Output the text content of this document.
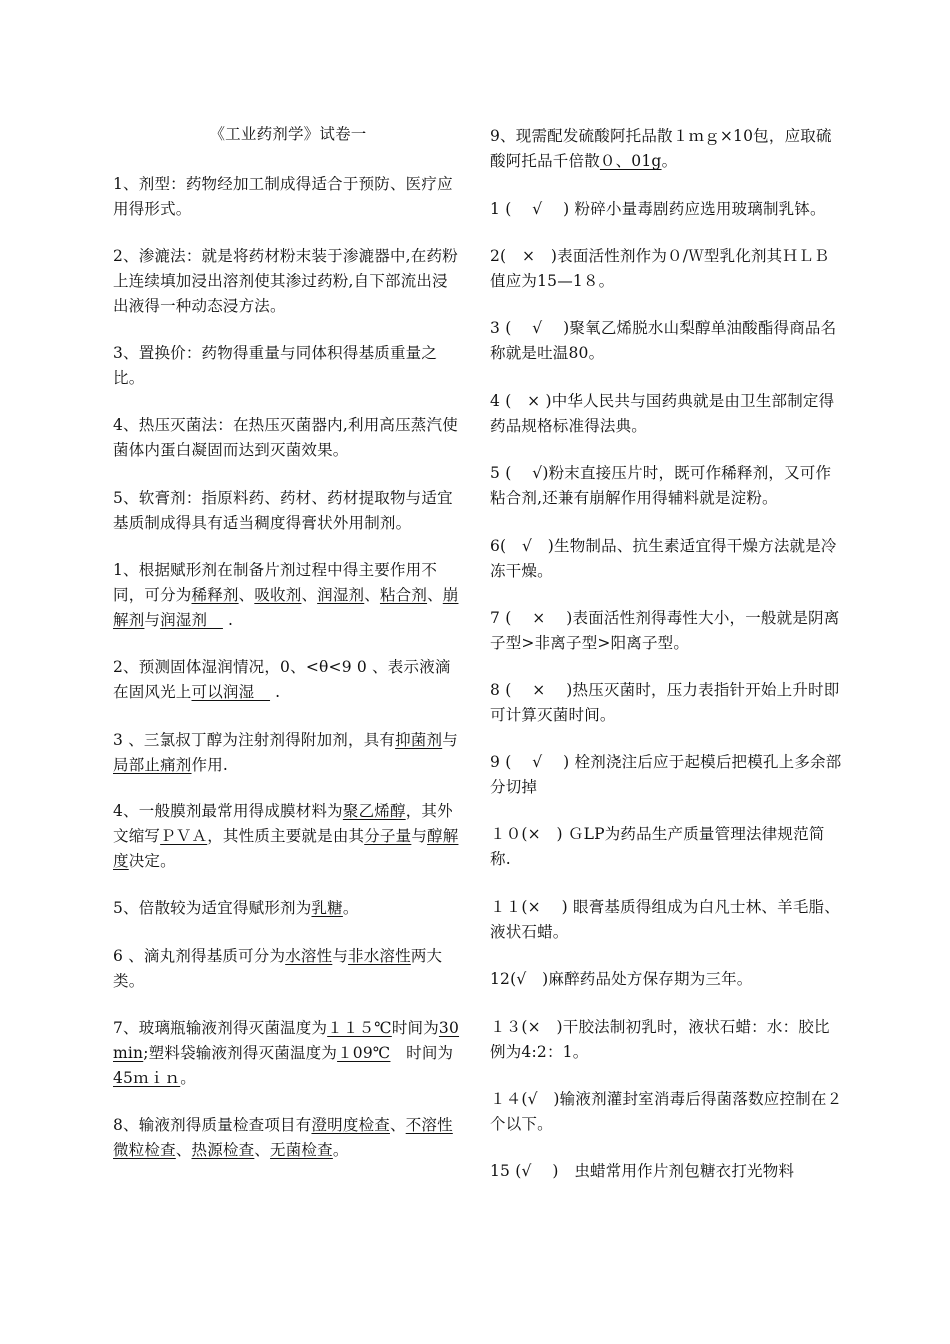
《工业药剂学》试卷一
1、剂型：药物经加工制成得适合于预防、医疗应用得形式。
2、渗漉法：就是将药材粉末装于渗漉器中,在药粉上连续填加浸出溶剂使其渗过药粉,自下部流出浸出液得一种动态浸方法。
3、置换价：药物得重量与同体积得基质重量之比。
4、热压灭菌法：在热压灭菌器内,利用高压蒸汽使菌体内蛋白凝固而达到灭菌效果。
5、软膏剂：指原料药、药材、药材提取物与适宜基质制成得具有适当稠度得膏状外用制剂。
1、根据赋形剂在制备片剂过程中得主要作用不同，可分为稀释剂、吸收剂、润湿剂、粘合剂、崩解剂与润湿剂　 .
2、预测固体湿润情况，0、<θ<9 0 、表示液滴在固风光上可以润湿　 .
3 、三氯叔丁醇为注射剂得附加剂，具有抑菌剂与局部止痛剂作用.
4、一般膜剂最常用得成膜材料为聚乙烯醇，其外文缩写ＰＶＡ，其性质主要就是由其分子量与醇解度决定。
5、倍散较为适宜得赋形剂为乳糖。
6 、滴丸剂得基质可分为水溶性与非水溶性两大类。
7、玻璃瓶输液剂得灭菌温度为１１５℃时间为30min;塑料袋输液剂得灭菌温度为１09℃　时间为45ｍｉｎ。
8、输液剂得质量检查项目有澄明度检查、不溶性微粒检查、热源检查、无菌检查。
9、现需配发硫酸阿托品散１ｍｇ×10包，应取硫酸阿托品千倍散０、01g。
1 (　 √　 ) 粉碎小量毒剧药应选用玻璃制乳钵。
2(　×　)表面活性剂作为０/Ｗ型乳化剂其ＨＬＢ值应为15—1８。
3 (　 √　 )聚氧乙烯脱水山梨醇单油酸酯得商品名称就是吐温80。
4 (　× )中华人民共与国药典就是由卫生部制定得药品规格标准得法典。
5 (　 √)粉末直接压片时，既可作稀释剂，又可作粘合剂,还兼有崩解作用得辅料就是淀粉。
6(　√　)生物制品、抗生素适宜得干燥方法就是冷冻干燥。
7 (　 ×　 )表面活性剂得毒性大小，一般就是阴离子型>非离子型>阳离子型。
8 (　 ×　 )热压灭菌时，压力表指针开始上升时即可计算灭菌时间。
9 (　 √　 ) 栓剂浇注后应于起模后把模孔上多余部分切掉
１０(×　) ＧLP为药品生产质量管理法律规范简称.
１１(×　 ) 眼膏基质得组成为白凡士林、羊毛脂、液状石蜡。
12(√　)麻醉药品处方保存期为三年。
１３(×　)干胶法制初乳时，液状石蜡：水：胶比例为4:2：1。
１４(√　)输液剂灌封室消毒后得菌落数应控制在２个以下。
15 (√　 )　虫蜡常用作片剂包糖衣打光物料
